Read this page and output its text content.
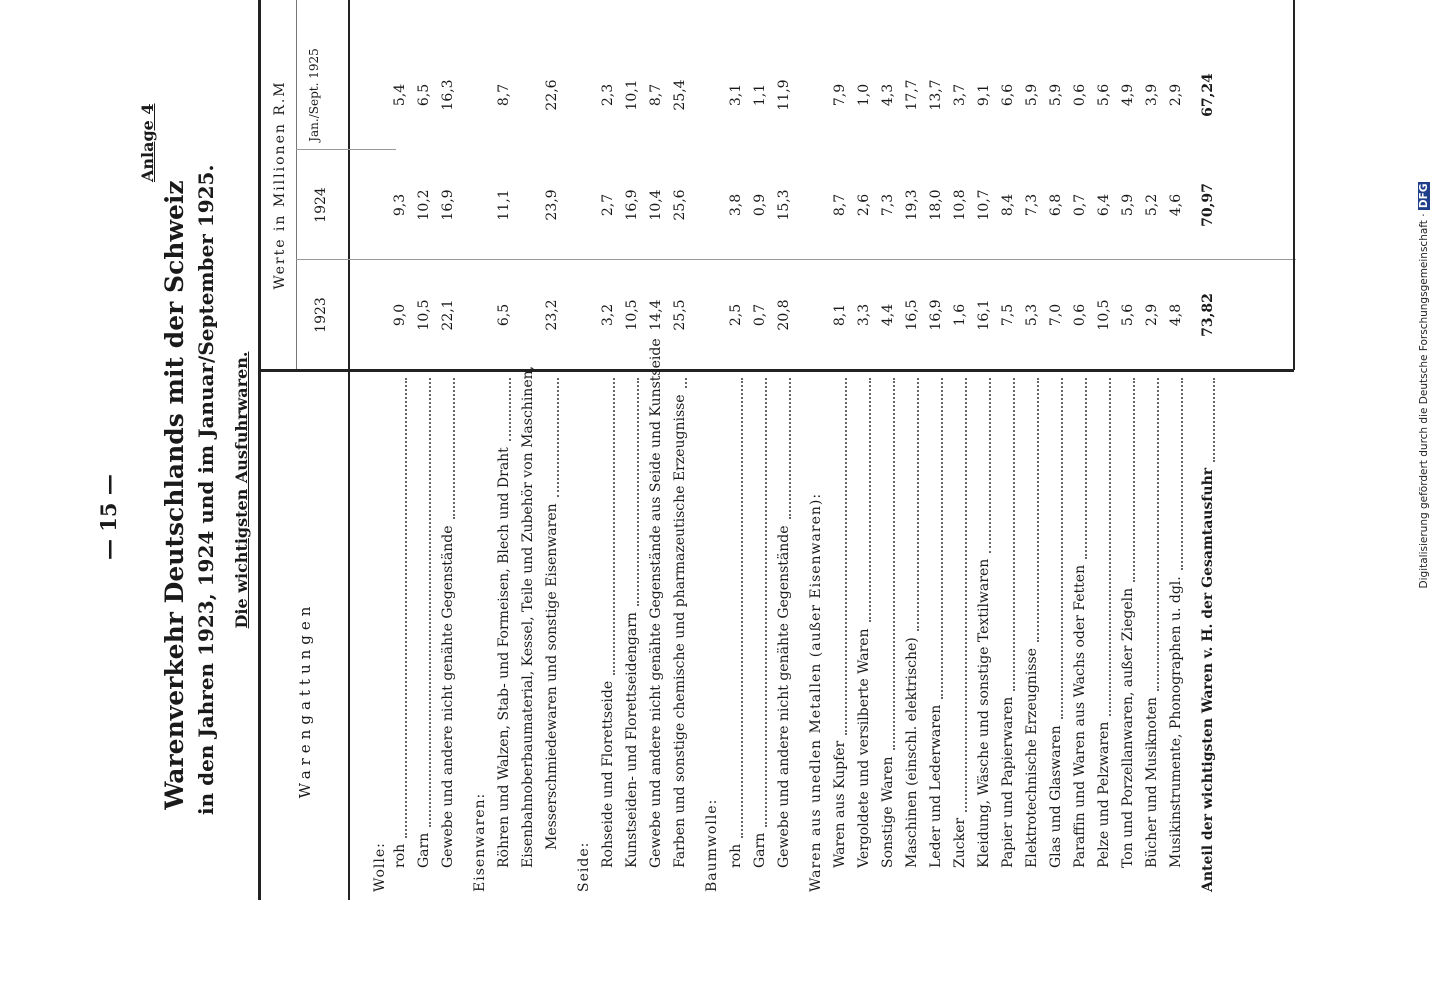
— 15 —
Anlage 4
Warenverkehr Deutschlands mit der Schweiz in den Jahren 1923, 1924 und im Januar/September 1925. Die wichtigsten Ausfuhrwaren.
Warengattungen
Werte in Millionen R.M
1923
1924
Jan./Sept. 1925
Wolle: roh
9,0
9,3
5,4
Garn
10,5
10,2
6,5
Gewebe und andere nicht genähte Gegenstände
22,1
16,9
16,3
Eisenwaren: Röhren und Walzen, Stab- und Formeisen, Blech und Draht
6,5
11,1
8,7
Eisenbahnoberbaumaterial, Kessel, Teile und Zubehör von Maschinen, Messerschmiedewaren und sonstige Eisenwaren
23,2
23,9
22,6
Seide: Rohseide und Florettseide
3,2
2,7
2,3
Kunstseiden- und Florettseidengarn
10,5
16,9
10,1
Gewebe und andere nicht genähte Gegenstände aus Seide und Kunstseide
14,4
10,4
8,7
Farben und sonstige chemische und pharmazeutische Erzeugnisse
25,5
25,6
25,4
Baumwolle: roh
2,5
3,8
3,1
Garn
0,7
0,9
1,1
Gewebe und andere nicht genähte Gegenstände
20,8
15,3
11,9
Waren aus unedlen Metallen (außer Eisenwaren): Waren aus Kupfer
8,1
8,7
7,9
Vergoldete und versilberte Waren
3,3
2,6
1,0
Sonstige Waren
4,4
7,3
4,3
Maschinen (einschl. elektrische)
16,5
19,3
17,7
Leder und Lederwaren
16,9
18,0
13,7
Zucker
1,6
10,8
3,7
Kleidung, Wäsche und sonstige Textilwaren
16,1
10,7
9,1
Papier und Papierwaren
7,5
8,4
6,6
Elektrotechnische Erzeugnisse
5,3
7,3
5,9
Glas und Glaswaren
7,0
6,8
5,9
Paraffin und Waren aus Wachs oder Fetten
0,6
0,7
0,6
Pelze und Pelzwaren
10,5
6,4
5,6
Ton und Porzellanwaren, außer Ziegeln
5,6
5,9
4,9
Bücher und Musiknoten
2,9
5,2
3,9
Musikinstrumente, Phonographen u. dgl.
4,8
4,6
2,9
Anteil der wichtigsten Waren v. H. der Gesamtausfuhr
73,82
70,97
67,24
Digitalisierung gefördert durch die Deutsche Forschungsgemeinschaft · DFG
